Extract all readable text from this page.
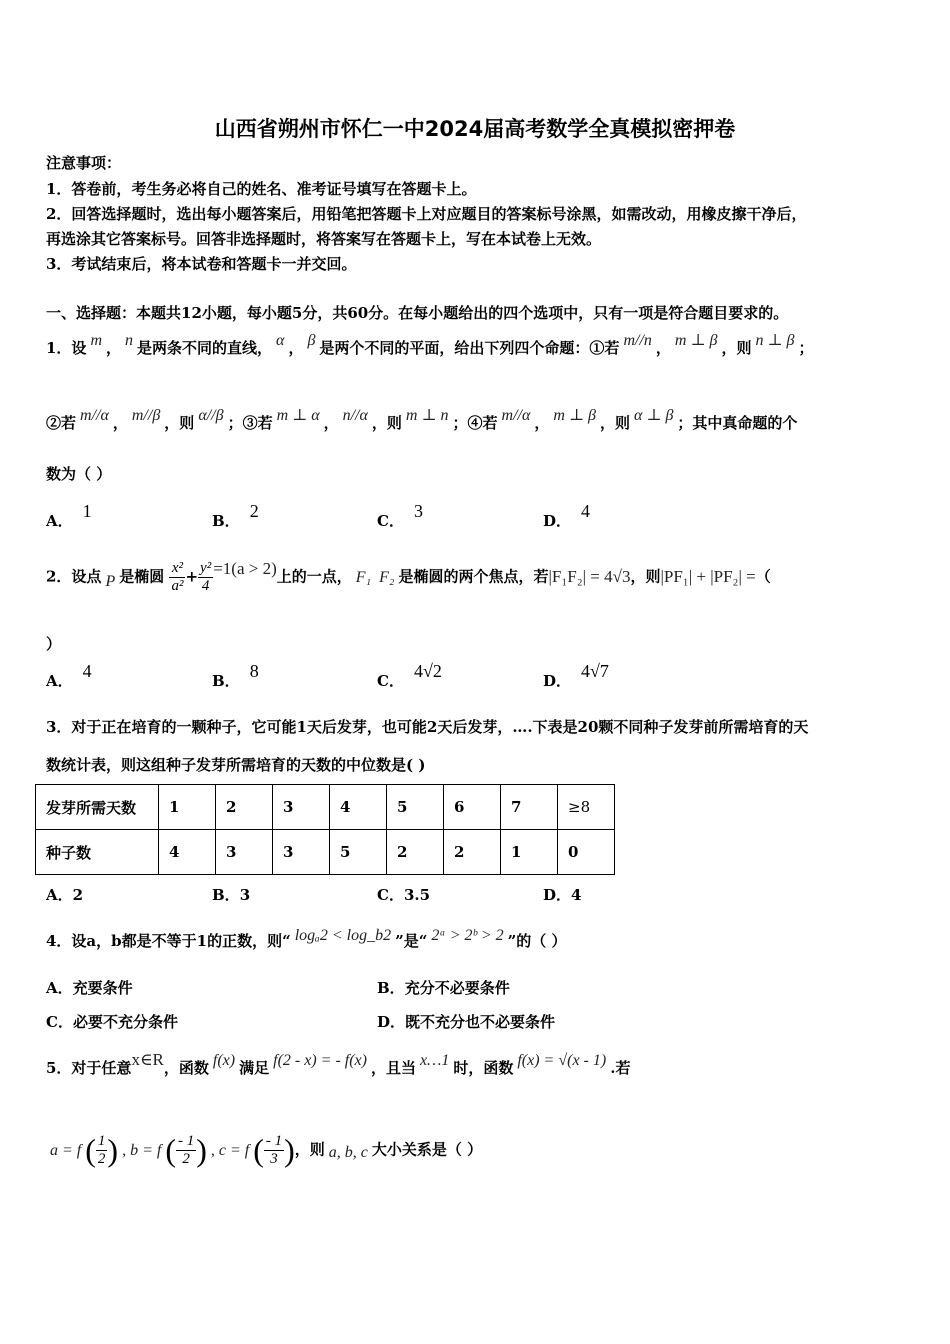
山西省朔州市怀仁一中2024届高考数学全真模拟密押卷
注意事项：
1．答卷前，考生务必将自己的姓名、准考证号填写在答题卡上。
2．回答选择题时，选出每小题答案后，用铅笔把答题卡上对应题目的答案标号涂黑，如需改动，用橡皮擦干净后，
再选涂其它答案标号。回答非选择题时，将答案写在答题卡上，写在本试卷上无效。
3．考试结束后，将本试卷和答题卡一并交回。
一、选择题：本题共12小题，每小题5分，共60分。在每小题给出的四个选项中，只有一项是符合题目要求的。
1．设 m ， n 是两条不同的直线， α ， β 是两个不同的平面，给出下列四个命题：①若 m//n ， m ⊥ β ，则 n ⊥ β ；
②若 m//α ， m//β ，则 α//β ；③若 m ⊥ α ， n//α ，则 m ⊥ n ；④若 m//α ， m ⊥ β ，则 α ⊥ β ；其中真命题的个
数为（ ）
A． 1	B． 2	C． 3	D． 4
2．设点 P 是椭圆 $\frac{\text{x²}}{\text{a²}} + \frac{\text{y²}}{4} =1(a > 2)$上的一点， F₁ F₂ 是椭圆的两个焦点，若|F₁F₂| = 4√3，则|PF₁| + |PF₂| =（
）
A． 4	B． 8	C． 4√2	D． 4√7
3．对于正在培育的一颗种子，它可能1天后发芽，也可能2天后发芽，….下表是20颗不同种子发芽前所需培育的天
数统计表，则这组种子发芽所需培育的天数的中位数是( )
发芽所需天数	1	2	3	4	5	6	7	≥8
种子数	4	3	3	5	2	2	1	0
A．2	B．3	C．3.5	D．4
4．设a，b都是不等于1的正数，则“ logₐ2 < log_b2 ”是“ 2ᵃ > 2ᵇ > 2 ”的（ ）
A．充要条件	B．充分不必要条件
C．必要不充分条件	D．既不充分也不必要条件
5．对于任意x∈R，函数 f(x) 满足 f(2 - x) = - f(x) ，且当 x…1 时，函数 f(x) = √(x - 1) .若
a = f ( $\frac{1}{2}$ ) , b = f ( $\frac{- 1}{2}$ ) , c = f ( $\frac{- 1}{3}$ )，则 a, b, c 大小关系是（ ）
